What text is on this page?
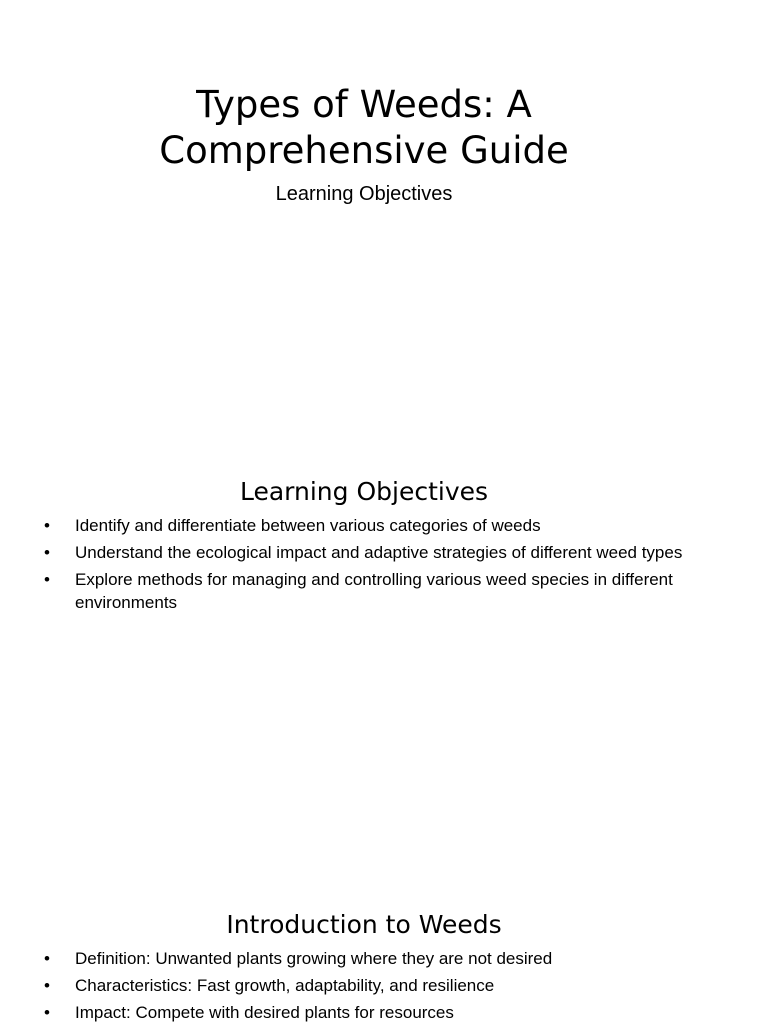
Types of Weeds: A Comprehensive Guide

Learning Objectives

Learning Objectives
• Identify and differentiate between various categories of weeds
• Understand the ecological impact and adaptive strategies of different weed types
• Explore methods for managing and controlling various weed species in different environments
Introduction to Weeds
• Definition: Unwanted plants growing where they are not desired
• Characteristics: Fast growth, adaptability, and resilience
• Impact: Compete with desired plants for resources
